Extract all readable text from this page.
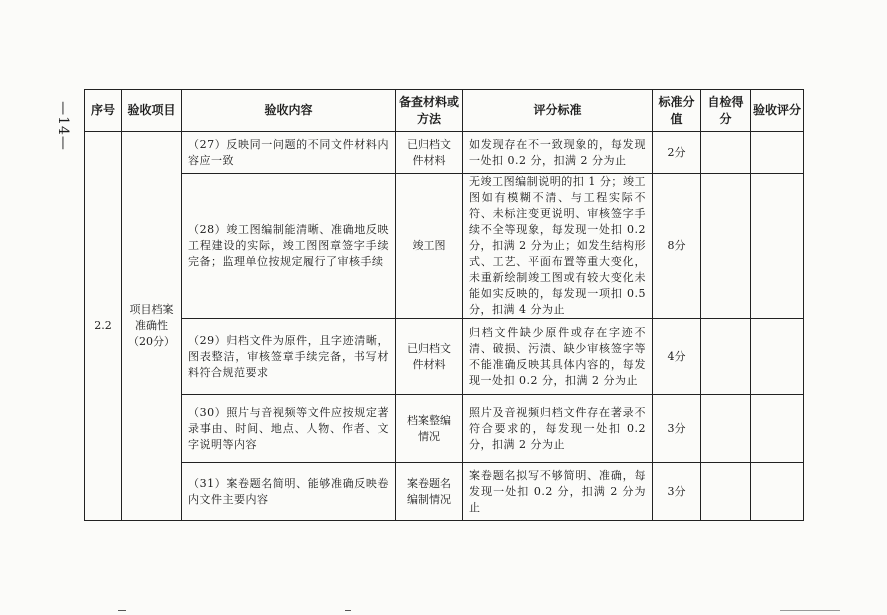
—14— 序号	验收项目	验收内容	备查材料或方法	评分标准	标准分值	自检得分	验收评分
2.2	项目档案准确性（20分）	（27）反映同一问题的不同文件材料内容应一致	已归档文件材料	如发现存在不一致现象的，每发现一处扣 0.2 分，扣满 2 分为止	2分		
		（28）竣工图编制能清晰、准确地反映工程建设的实际，竣工图图章签字手续完备；监理单位按规定履行了审核手续	竣工图	无竣工图编制说明的扣 1 分；竣工图如有模糊不清、与工程实际不符、未标注变更说明、审核签字手续不全等现象，每发现一处扣 0.2 分，扣满 2 分为止；如发生结构形式、工艺、平面布置等重大变化，未重新绘制竣工图或有较大变化未能如实反映的，每发现一项扣 0.5 分，扣满 4 分为止	8分		
		（29）归档文件为原件，且字迹清晰，图表整洁，审核签章手续完备，书写材料符合规范要求	已归档文件材料	归档文件缺少原件或存在字迹不清、破损、污渍、缺少审核签字等不能准确反映其具体内容的，每发现一处扣 0.2 分，扣满 2 分为止	4分		
		（30）照片与音视频等文件应按规定著录事由、时间、地点、人物、作者、文字说明等内容	档案整编情况	照片及音视频归档文件存在著录不符合要求的，每发现一处扣 0.2 分，扣满 2 分为止	3分		
		（31）案卷题名简明、能够准确反映卷内文件主要内容	案卷题名编制情况	案卷题名拟写不够简明、准确，每发现一处扣 0.2 分，扣满 2 分为止	3分		
